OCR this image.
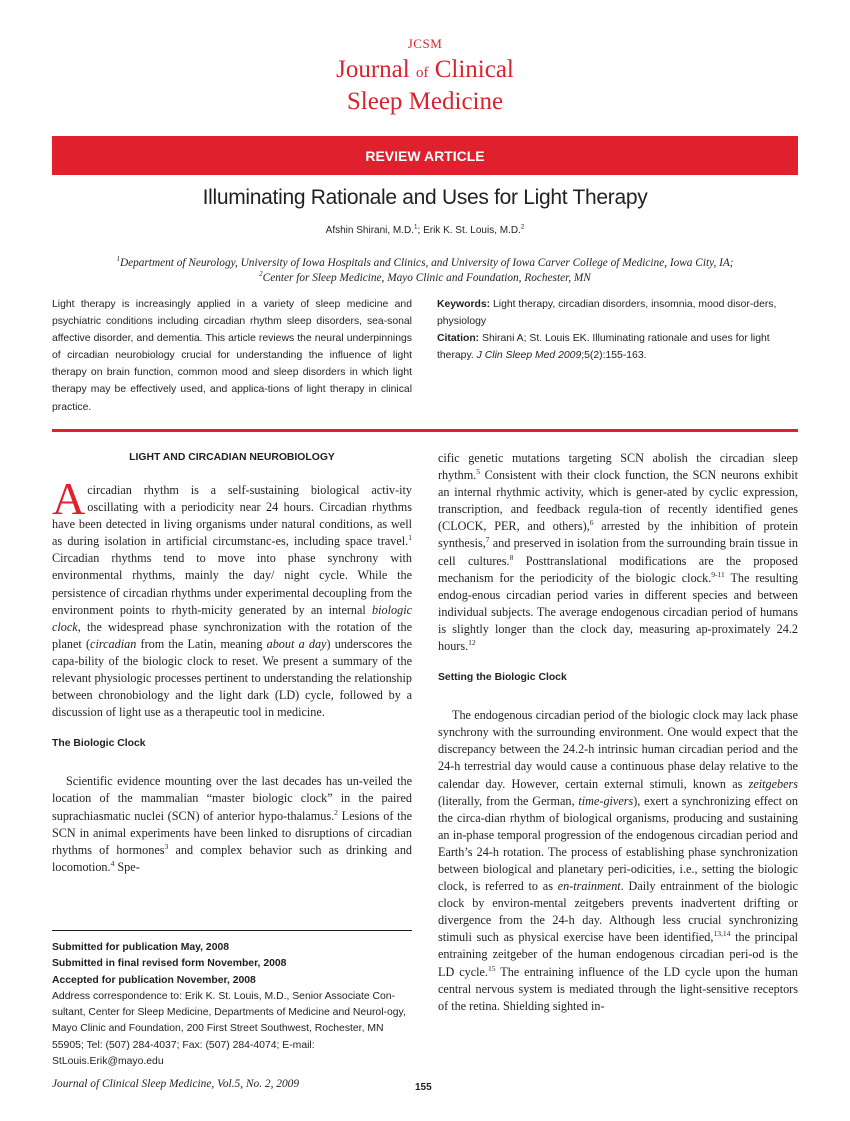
JCSM
Journal of Clinical
Sleep Medicine
REVIEW ARTICLE
Illuminating Rationale and Uses for Light Therapy
Afshin Shirani, M.D.$^1$; Erik K. St. Louis, M.D.$^2$
$^1$Department of Neurology, University of Iowa Hospitals and Clinics, and University of Iowa Carver College of Medicine, Iowa City, IA;
$^2$Center for Sleep Medicine, Mayo Clinic and Foundation, Rochester, MN
Light therapy is increasingly applied in a variety of sleep medicine and psychiatric conditions including circadian rhythm sleep disorders, sea-sonal affective disorder, and dementia. This article reviews the neural underpinnings of circadian neurobiology crucial for understanding the influence of light therapy on brain function, common mood and sleep disorders in which light therapy may be effectively used, and applica-tions of light therapy in clinical practice.
Keywords: Light therapy, circadian disorders, insomnia, mood disor-ders, physiology
Citation: Shirani A; St. Louis EK. Illuminating rationale and uses for light therapy. J Clin Sleep Med 2009;5(2):155-163.
LIGHT AND CIRCADIAN NEUROBIOLOGY

Acircadian rhythm is a self-sustaining biological activ-ity oscillating with a periodicity near 24 hours. Circadian rhythms have been detected in living organisms under natural conditions, as well as during isolation in artificial circumstanc-es, including space travel.$^1$ Circadian rhythms tend to move into phase synchrony with environmental rhythms, mainly the day/ night cycle. While the persistence of circadian rhythms under experimental decoupling from the environment points to rhyth-micity generated by an internal biologic clock, the widespread phase synchronization with the rotation of the planet (circadian from the Latin, meaning about a day) underscores the capa-bility of the biologic clock to reset. We present a summary of the relevant physiologic processes pertinent to understanding the relationship between chronobiology and the light dark (LD) cycle, followed by a discussion of light use as a therapeutic tool in medicine.

The Biologic Clock

Scientific evidence mounting over the last decades has un-veiled the location of the mammalian “master biologic clock” in the paired suprachiasmatic nuclei (SCN) of anterior hypo-thalamus.$^2$ Lesions of the SCN in animal experiments have been linked to disruptions of circadian rhythms of hormones$^3$ and complex behavior such as drinking and locomotion.$^4$ Spe-

Submitted for publication May, 2008
Submitted in final revised form November, 2008
Accepted for publication November, 2008
Address correspondence to: Erik K. St. Louis, M.D., Senior Associate Con-sultant, Center for Sleep Medicine, Departments of Medicine and Neurol-ogy, Mayo Clinic and Foundation, 200 First Street Southwest, Rochester, MN 55905; Tel: (507) 284-4037; Fax: (507) 284-4074; E-mail: StLouis.Erik@mayo.edu

cific genetic mutations targeting SCN abolish the circadian sleep rhythm.$^5$ Consistent with their clock function, the SCN neurons exhibit an internal rhythmic activity, which is gener-ated by cyclic expression, transcription, and feedback regula-tion of recently identified genes (CLOCK, PER, and others),$^6$ arrested by the inhibition of protein synthesis,$^7$ and preserved in isolation from the surrounding brain tissue in cell cultures.$^8$ Posttranslational modifications are the proposed mechanism for the periodicity of the biologic clock.$^{9-11}$ The resulting endog-enous circadian period varies in different species and between individual subjects. The average endogenous circadian period of humans is slightly longer than the clock day, measuring ap-proximately 24.2 hours.$^{12}$

Setting the Biologic Clock

The endogenous circadian period of the biologic clock may lack phase synchrony with the surrounding environment. One would expect that the discrepancy between the 24.2-h intrinsic human circadian period and the 24-h terrestrial day would cause a continuous phase delay relative to the calendar day. However, certain external stimuli, known as zeitgebers (literally, from the German, time-givers), exert a synchronizing effect on the circa-dian rhythm of biological organisms, producing and sustaining an in-phase temporal progression of the endogenous circadian period and Earth’s 24-h rotation. The process of establishing phase synchronization between biological and planetary peri-odicities, i.e., setting the biologic clock, is referred to as en-trainment. Daily entrainment of the biologic clock by environ-mental zeitgebers prevents inadvertent drifting or divergence from the 24-h day. Although less crucial synchronizing stimuli such as physical exercise have been identified,$^{13,14}$ the principal entraining zeitgeber of the human endogenous circadian peri-od is the LD cycle.$^{15}$ The entraining influence of the LD cycle upon the human central nervous system is mediated through the light-sensitive receptors of the retina. Shielding sighted in-

Journal of Clinical Sleep Medicine, Vol.5, No. 2, 2009	155
